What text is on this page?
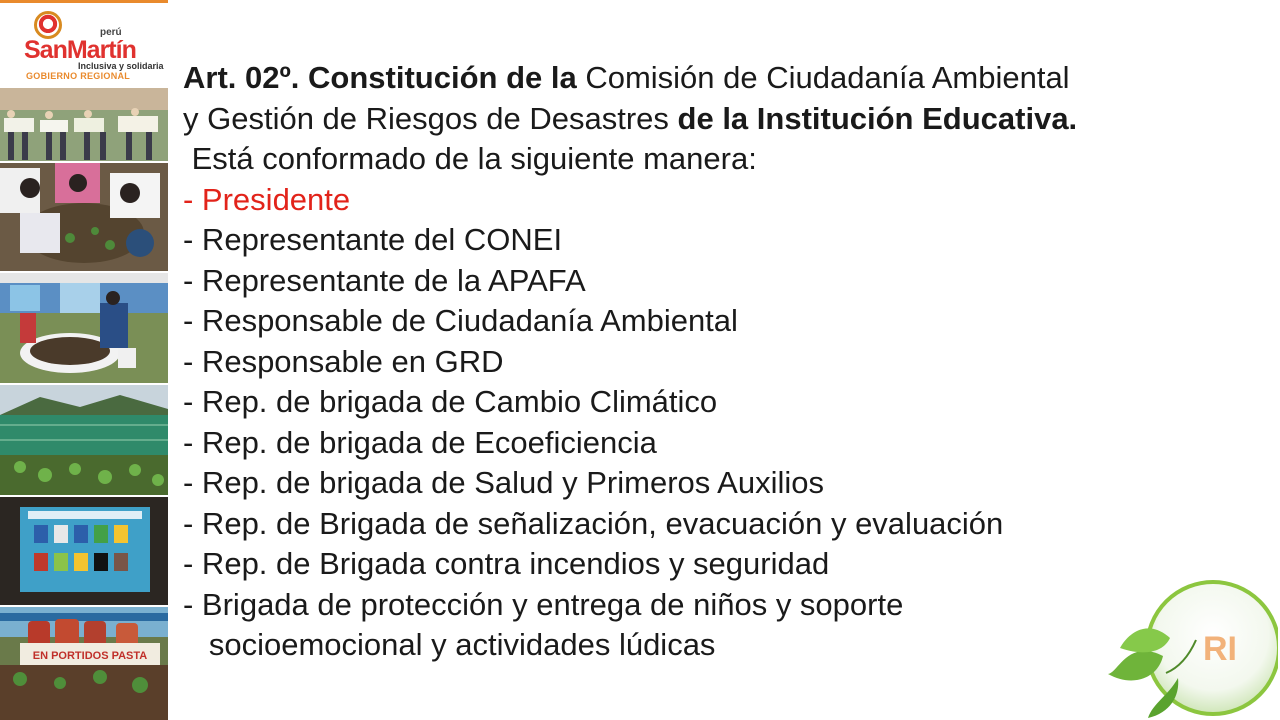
perú
SanMartín
Inclusiva y solidaria
GOBIERNO REGIONAL
EN PORTIDOS PASTA
Art. 02º. Constitución de la Comisión de Ciudadanía Ambiental
y Gestión de Riesgos de Desastres de la Institución Educativa.
Está conformado de la siguiente manera:
- Presidente
- Representante del CONEI
- Representante de la APAFA
- Responsable de Ciudadanía Ambiental
- Responsable en GRD
- Rep. de brigada de Cambio Climático
- Rep. de brigada de Ecoeficiencia
- Rep. de brigada de Salud y Primeros Auxilios
- Rep. de Brigada de señalización, evacuación y evaluación
- Rep. de Brigada contra incendios y seguridad
- Brigada de protección y entrega de niños y soporte
socioemocional y actividades lúdicas	RI
